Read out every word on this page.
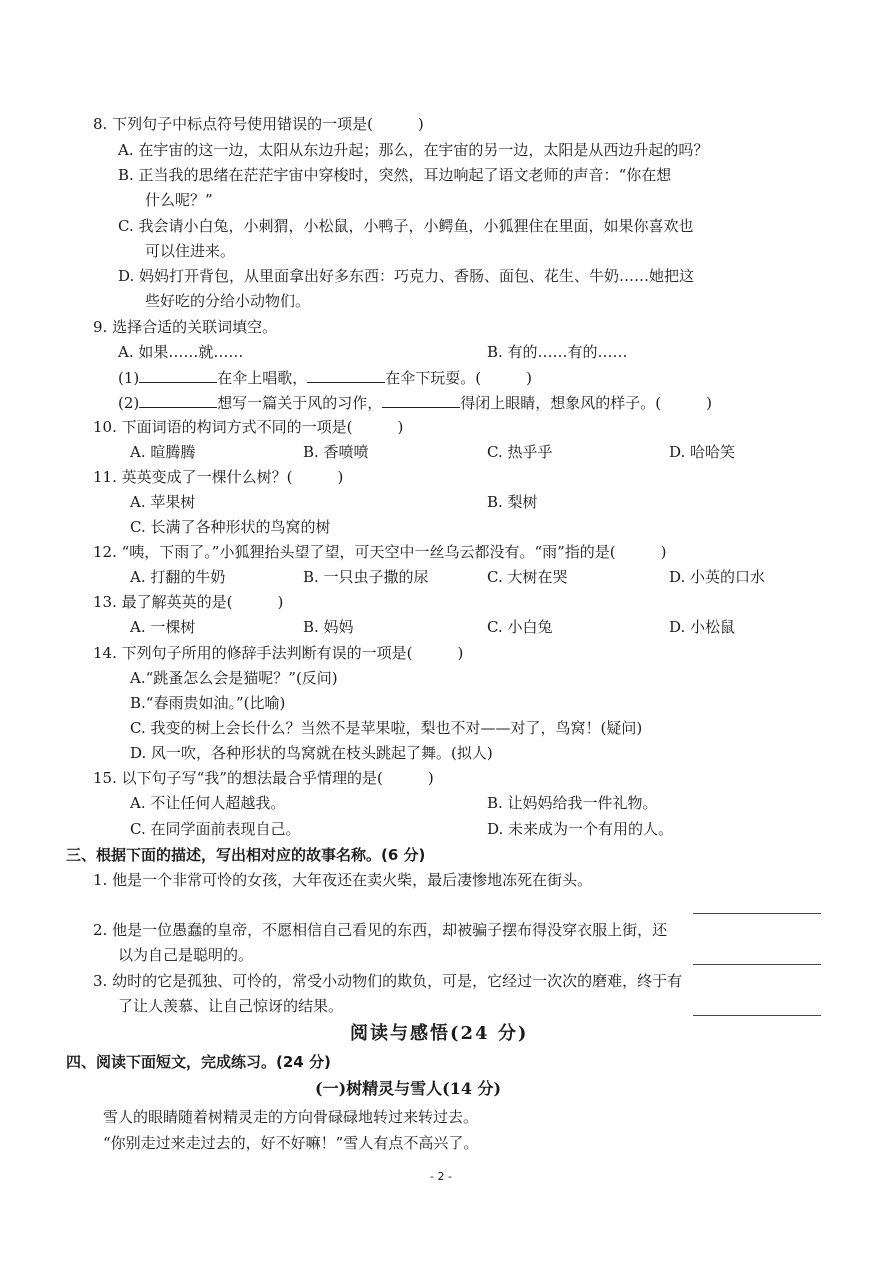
8. 下列句子中标点符号使用错误的一项是(　　　)
A. 在宇宙的这一边，太阳从东边升起；那么，在宇宙的另一边，太阳是从西边升起的吗？
B. 正当我的思绪在茫茫宇宙中穿梭时，突然，耳边响起了语文老师的声音：“你在想
什么呢？”
C. 我会请小白兔，小刺猬，小松鼠，小鸭子，小鳄鱼，小狐狸住在里面，如果你喜欢也
可以住进来。
D. 妈妈打开背包，从里面拿出好多东西：巧克力、香肠、面包、花生、牛奶……她把这
些好吃的分给小动物们。
9. 选择合适的关联词填空。
A. 如果……就……	B. 有的……有的……
(1)	在伞上唱歌，	在伞下玩耍。(　　　)
(2)	想写一篇关于风的习作，	得闭上眼睛，想象风的样子。(　　　)
10. 下面词语的构词方式不同的一项是(　　　)
A. 暄腾腾	B. 香喷喷	C. 热乎乎	D. 哈哈笑
11. 英英变成了一棵什么树？(　　　)
A. 苹果树	B. 梨树
C. 长满了各种形状的鸟窝的树
12. “咦，下雨了。”小狐狸抬头望了望，可天空中一丝乌云都没有。“雨”指的是(　　　)
A. 打翻的牛奶	B. 一只虫子撒的尿	C. 大树在哭	D. 小英的口水
13. 最了解英英的是(　　　)
A. 一棵树	B. 妈妈	C. 小白兔	D. 小松鼠
14. 下列句子所用的修辞手法判断有误的一项是(　　　)
A.“跳蚤怎么会是猫呢？”(反问)
B.“春雨贵如油。”(比喻)
C. 我变的树上会长什么？当然不是苹果啦，梨也不对——对了，鸟窝！(疑问)
D. 风一吹，各种形状的鸟窝就在枝头跳起了舞。(拟人)
15. 以下句子写“我”的想法最合乎情理的是(　　　)
A. 不让任何人超越我。	B. 让妈妈给我一件礼物。
C. 在同学面前表现自己。	D. 未来成为一个有用的人。
三、根据下面的描述，写出相对应的故事名称。(6 分)
1. 他是一个非常可怜的女孩，大年夜还在卖火柴，最后凄惨地冻死在街头。
2. 他是一位愚蠢的皇帝，不愿相信自己看见的东西，却被骗子摆布得没穿衣服上街，还
以为自己是聪明的。
3. 幼时的它是孤独、可怜的，常受小动物们的欺负，可是，它经过一次次的磨难，终于有
了让人羡慕、让自己惊讶的结果。
阅读与感悟(24 分)
四、阅读下面短文，完成练习。(24 分)
(一)树精灵与雪人(14 分)
雪人的眼睛随着树精灵走的方向骨碌碌地转过来转过去。
“你别走过来走过去的，好不好嘛！”雪人有点不高兴了。
- 2 -
